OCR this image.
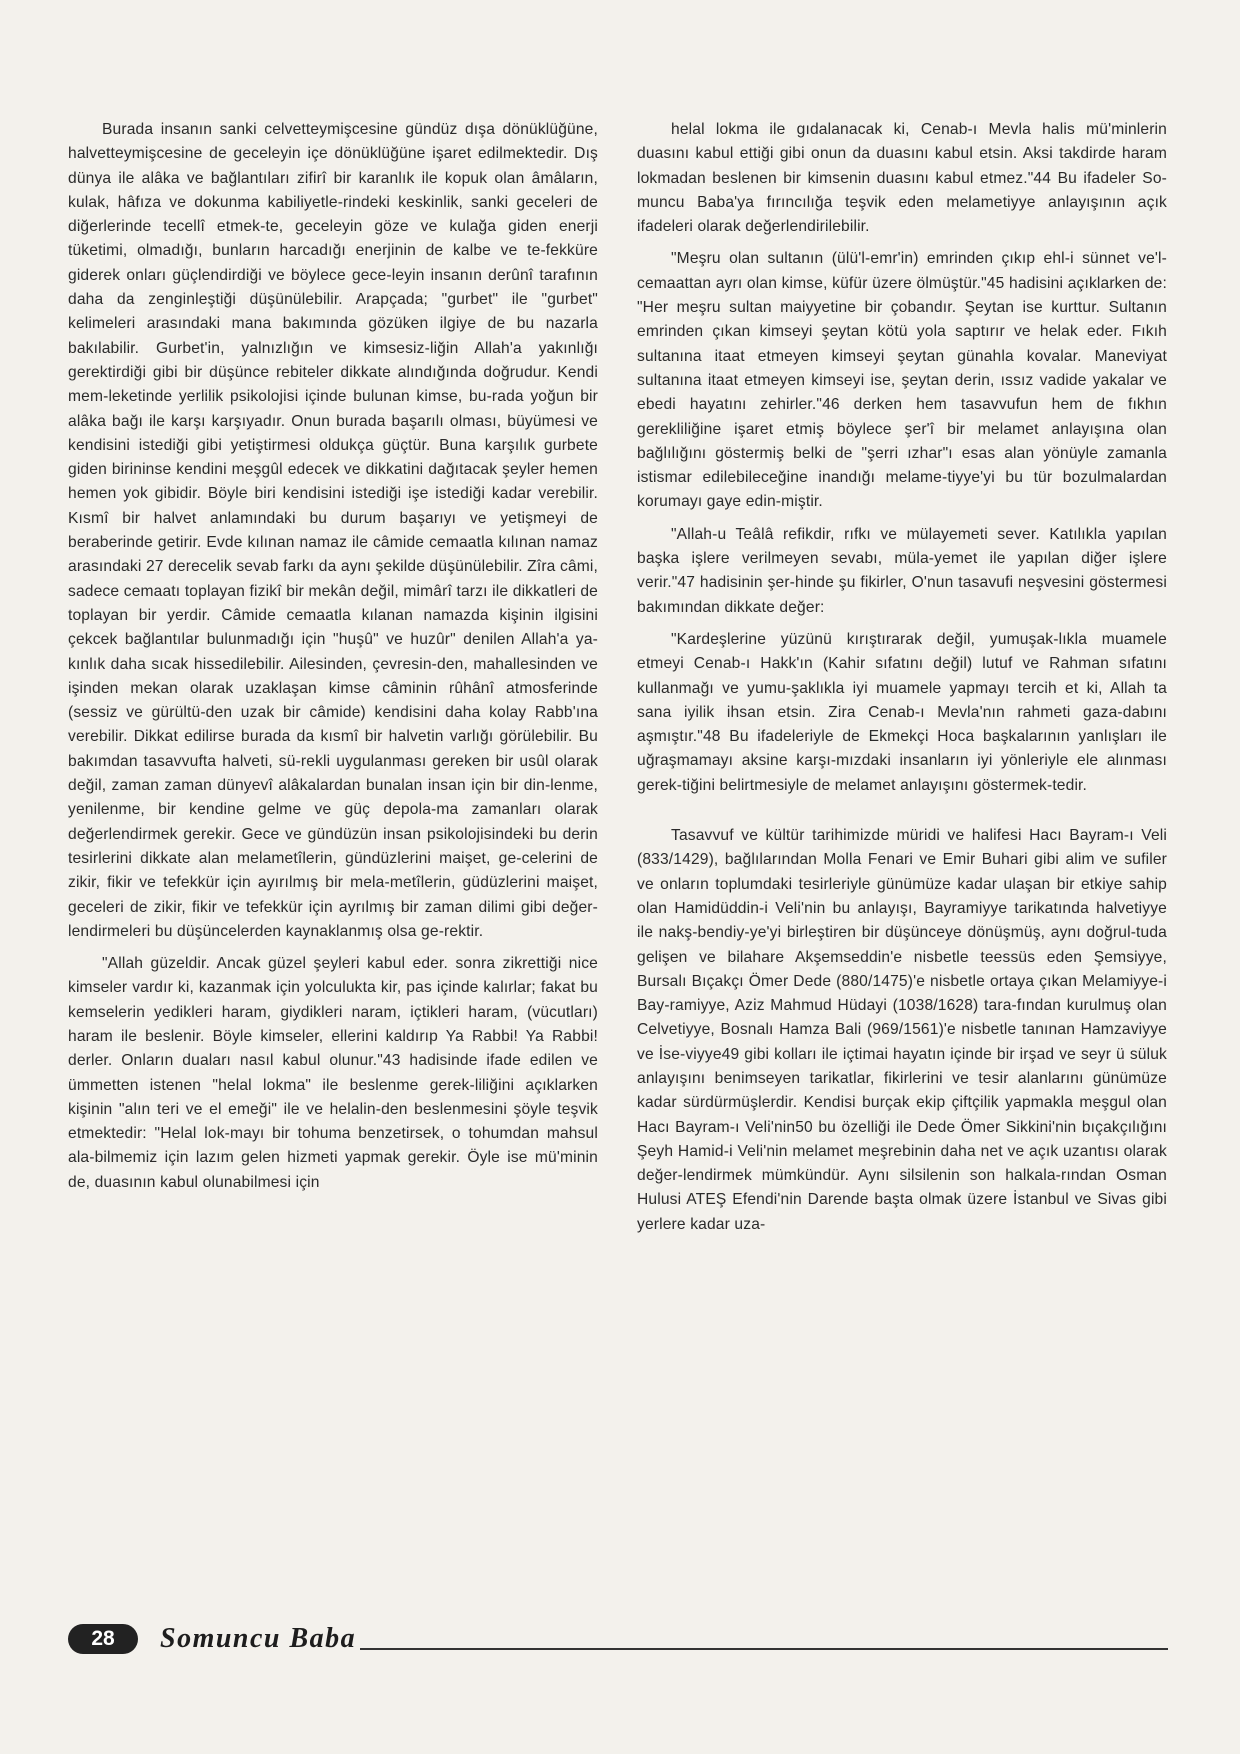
Burada insanın sanki celvetteymişcesine gündüz dışa dönüklüğüne, halvetteymişcesine de geceleyin içe dönüklüğüne işaret edilmektedir. Dış dünya ile alâka ve bağlantıları zifirî bir karanlık ile kopuk olan âmâların, kulak, hâfıza ve dokunma kabiliyetle-rindeki keskinlik, sanki geceleri de diğerlerinde tecellî etmek-te, geceleyin göze ve kulağa giden enerji tüketimi, olmadığı, bunların harcadığı enerjinin de kalbe ve te-fekküre giderek onları güçlendirdiği ve böylece gece-leyin insanın derûnî tarafının daha da zenginleştiği düşünülebilir. Arapçada; "gurbet" ile "gurbet" kelimeleri arasındaki mana bakımında gözüken ilgiye de bu nazarla bakılabilir. Gurbet'in, yalnızlığın ve kimsesiz-liğin Allah'a yakınlığı gerektirdiği gibi bir düşünce rebiteler dikkate alındığında doğrudur. Kendi mem-leketinde yerlilik psikolojisi içinde bulunan kimse, bu-rada yoğun bir alâka bağı ile karşı karşıyadır. Onun burada başarılı olması, büyümesi ve kendisini istediği gibi yetiştirmesi oldukça güçtür. Buna karşılık gurbete giden birininse kendini meşgûl edecek ve dikkatini dağıtacak şeyler hemen hemen yok gibidir. Böyle biri kendisini istediği işe istediği kadar verebilir. Kısmî bir halvet anlamındaki bu durum başarıyı ve yetişmeyi de beraberinde getirir. Evde kılınan namaz ile câmide cemaatla kılınan namaz arasındaki 27 derecelik sevab farkı da aynı şekilde düşünülebilir. Zîra câmi, sadece cemaatı toplayan fizikî bir mekân değil, mimârî tarzı ile dikkatleri de toplayan bir yerdir. Câmide cemaatla kılanan namazda kişinin ilgisini çekcek bağlantılar bulunmadığı için "huşû" ve huzûr" denilen Allah'a ya-kınlık daha sıcak hissedilebilir. Ailesinden, çevresin-den, mahallesinden ve işinden mekan olarak uzaklaşan kimse câminin rûhânî atmosferinde (sessiz ve gürültü-den uzak bir câmide) kendisini daha kolay Rabb'ına verebilir. Dikkat edilirse burada da kısmî bir halvetin varlığı görülebilir. Bu bakımdan tasavvufta halveti, sü-rekli uygulanması gereken bir usûl olarak değil, zaman zaman dünyevî alâkalardan bunalan insan için bir din-lenme, yenilenme, bir kendine gelme ve güç depola-ma zamanları olarak değerlendirmek gerekir. Gece ve gündüzün insan psikolojisindeki bu derin tesirlerini dikkate alan melametîlerin, gündüzlerini maişet, ge-celerini de zikir, fikir ve tefekkür için ayırılmış bir mela-metîlerin, güdüzlerini maişet, geceleri de zikir, fikir ve tefekkür için ayrılmış bir zaman dilimi gibi değer-lendirmeleri bu düşüncelerden kaynaklanmış olsa ge-rektir.

"Allah güzeldir. Ancak güzel şeyleri kabul eder. sonra zikrettiği nice kimseler vardır ki, kazanmak için yolculukta kir, pas içinde kalırlar; fakat bu kemselerin yedikleri haram, giydikleri naram, içtikleri haram, (vücutları) haram ile beslenir. Böyle kimseler, ellerini kaldırıp Ya Rabbi! Ya Rabbi! derler. Onların duaları nasıl kabul olunur."43 hadisinde ifade edilen ve ümmetten istenen "helal lokma" ile beslenme gerek-liliğini açıklarken kişinin "alın teri ve el emeği" ile ve helalin-den beslenmesini şöyle teşvik etmektedir: "Helal lok-mayı bir tohuma benzetirsek, o tohumdan mahsul ala-bilmemiz için lazım gelen hizmeti yapmak gerekir. Öyle ise mü'minin de, duasının kabul olunabilmesi için

helal lokma ile gıdalanacak ki, Cenab-ı Mevla halis mü'minlerin duasını kabul ettiği gibi onun da duasını kabul etsin. Aksi takdirde haram lokmadan beslenen bir kimsenin duasını kabul etmez."44 Bu ifadeler So-muncu Baba'ya fırıncılığa teşvik eden melametiyye anlayışının açık ifadeleri olarak değerlendirilebilir.

"Meşru olan sultanın (ülü'l-emr'in) emrinden çıkıp ehl-i sünnet ve'l-cemaattan ayrı olan kimse, küfür üzere ölmüştür."45 hadisini açıklarken de: "Her meşru sultan maiyyetine bir çobandır. Şeytan ise kurttur. Sultanın emrinden çıkan kimseyi şeytan kötü yola saptırır ve helak eder. Fıkıh sultanına itaat etmeyen kimseyi şeytan günahla kovalar. Maneviyat sultanına itaat etmeyen kimseyi ise, şeytan derin, ıssız vadide yakalar ve ebedi hayatını zehirler."46 derken hem tasavvufun hem de fıkhın gerekliliğine işaret etmiş böylece şer'î bir melamet anlayışına olan bağlılığını göstermiş belki de "şerri ızhar"ı esas alan yönüyle zamanla istismar edilebileceğine inandığı melame-tiyye'yi bu tür bozulmalardan korumayı gaye edin-miştir.

"Allah-u Teâlâ refikdir, rıfkı ve mülayemeti sever. Katılıkla yapılan başka işlere verilmeyen sevabı, müla-yemet ile yapılan diğer işlere verir."47 hadisinin şer-hinde şu fikirler, O'nun tasavufi neşvesini göstermesi bakımından dikkate değer:

"Kardeşlerine yüzünü kırıştırarak değil, yumuşak-lıkla muamele etmeyi Cenab-ı Hakk'ın (Kahir sıfatını değil) lutuf ve Rahman sıfatını kullanmağı ve yumu-şaklıkla iyi muamele yapmayı tercih et ki, Allah ta sana iyilik ihsan etsin. Zira Cenab-ı Mevla'nın rahmeti gaza-dabını aşmıştır."48 Bu ifadeleriyle de Ekmekçi Hoca başkalarının yanlışları ile uğraşmamayı aksine karşı-mızdaki insanların iyi yönleriyle ele alınması gerek-tiğini belirtmesiyle de melamet anlayışını göstermek-tedir.

Tasavvuf ve kültür tarihimizde müridi ve halifesi Hacı Bayram-ı Veli (833/1429), bağlılarından Molla Fenari ve Emir Buhari gibi alim ve sufiler ve onların toplumdaki tesirleriyle günümüze kadar ulaşan bir etkiye sahip olan Hamidüddin-i Veli'nin bu anlayışı, Bayramiyye tarikatında halvetiyye ile nakş-bendiy-ye'yi birleştiren bir düşünceye dönüşmüş, aynı doğrul-tuda gelişen ve bilahare Akşemseddin'e nisbetle teessüs eden Şemsiyye, Bursalı Bıçakçı Ömer Dede (880/1475)'e nisbetle ortaya çıkan Melamiyye-i Bay-ramiyye, Aziz Mahmud Hüdayi (1038/1628) tara-fından kurulmuş olan Celvetiyye, Bosnalı Hamza Bali (969/1561)'e nisbetle tanınan Hamzaviyye ve İse-viyye49 gibi kolları ile içtimai hayatın içinde bir irşad ve seyr ü süluk anlayışını benimseyen tarikatlar, fikirlerini ve tesir alanlarını günümüze kadar sürdürmüşlerdir. Kendisi burçak ekip çiftçilik yapmakla meşgul olan Hacı Bayram-ı Veli'nin50 bu özelliği ile Dede Ömer Sikkini'nin bıçakçılığını Şeyh Hamid-i Veli'nin melamet meşrebinin daha net ve açık uzantısı olarak değer-lendirmek mümkündür. Aynı silsilenin son halkala-rından Osman Hulusi ATEŞ Efendi'nin Darende başta olmak üzere İstanbul ve Sivas gibi yerlere kadar uza-

28	Somuncu Baba
